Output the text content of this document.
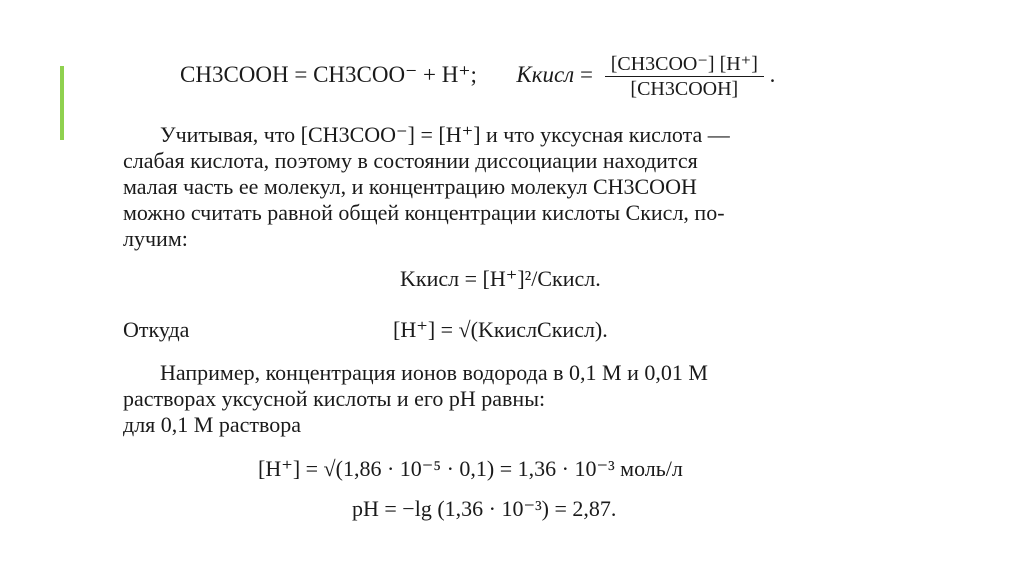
CH3COOH = CH3COO⁻ + H⁺; Kкисл = $\frac{\text{[CH3COO⁻] [H⁺]}}{\text{[CH3COOH]}}$ .
Учитывая, что [CH3COO⁻] = [H⁺] и что уксусная кислота —
слабая кислота, поэтому в состоянии диссоциации находится
малая часть ее молекул, и концентрацию молекул CH3COOH
можно считать равной общей концентрации кислоты Cкисл, по-
лучим:
Kкисл = [H⁺]²/Cкисл.
Откуда	[H⁺] = √(KкислCкисл).
Например, концентрация ионов водорода в 0,1 M и 0,01 M
растворах уксусной кислоты и его pH равны:
для 0,1 M раствора
[H⁺] = √(1,86 · 10⁻⁵ · 0,1) = 1,36 · 10⁻³ моль/л
pH = −lg (1,36 · 10⁻³) = 2,87.
